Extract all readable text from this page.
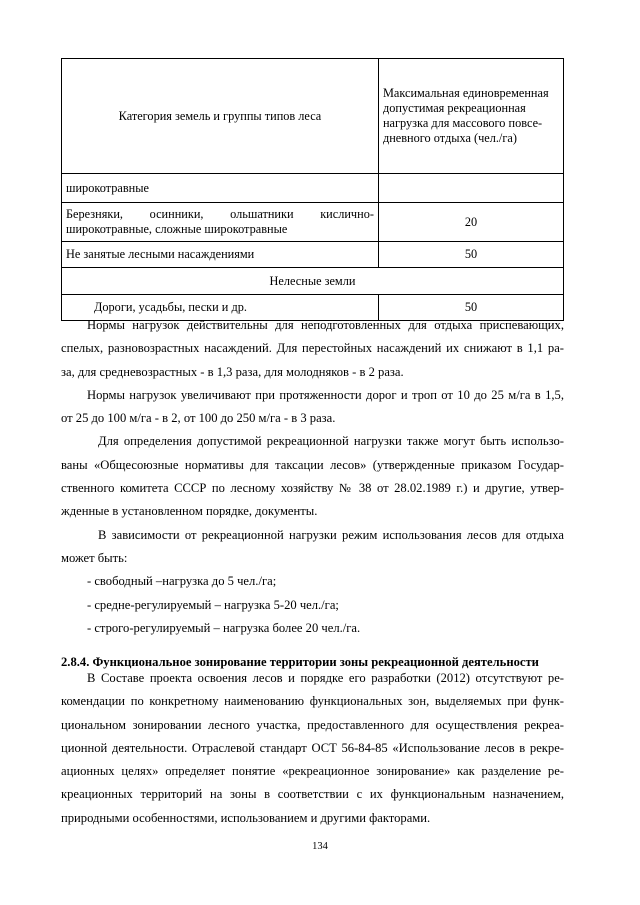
Категория земель и группы типов леса	Максимальная единовременная
допустимая рекреационная
нагрузка для массового повсе-
дневного отдыха (чел./га)

широкотравные	

Березняки, осинники, ольшатники кислично-
широкотравные, сложные широкотравные	20
Не занятые лесными насаждениями	50
Нелесные земли	
Дороги, усадьбы, пески и др.	50

Нормы нагрузок действительны для неподготовленных для отдыха приспевающих,

спелых, разновозрастных насаждений. Для перестойных насаждений их снижают в 1,1 ра-

за, для средневозрастных - в 1,3 раза, для молодняков - в 2 раза.

Нормы нагрузок увеличивают при протяженности дорог и троп от 10 до 25 м/га в 1,5,

от 25 до 100 м/га - в 2, от 100 до 250 м/га - в 3 раза.

Для определения допустимой рекреационной нагрузки также могут быть использо-

ваны «Общесоюзные нормативы для таксации лесов» (утвержденные приказом Государ-

ственного комитета СССР по лесному хозяйству № 38 от 28.02.1989 г.) и другие, утвер-

жденные в установленном порядке, документы.

В зависимости от рекреационной нагрузки режим использования лесов для отдыха

может быть:

- свободный –нагрузка до 5 чел./га;

- средне-регулируемый – нагрузка 5-20 чел./га;

- строго-регулируемый – нагрузка более 20 чел./га.

2.8.4. Функциональное зонирование территории зоны рекреационной деятельности

В Составе проекта освоения лесов и порядке его разработки (2012) отсутствуют ре-

комендации по конкретному наименованию функциональных зон, выделяемых при функ-

циональном зонировании лесного участка, предоставленного для осуществления рекреа-

ционной деятельности. Отраслевой стандарт ОСТ 56-84-85 «Использование лесов в рекре-

ационных целях» определяет понятие «рекреационное зонирование» как разделение ре-

креационных территорий на зоны в соответствии с их функциональным назначением,

природными особенностями, использованием и другими факторами.

134
